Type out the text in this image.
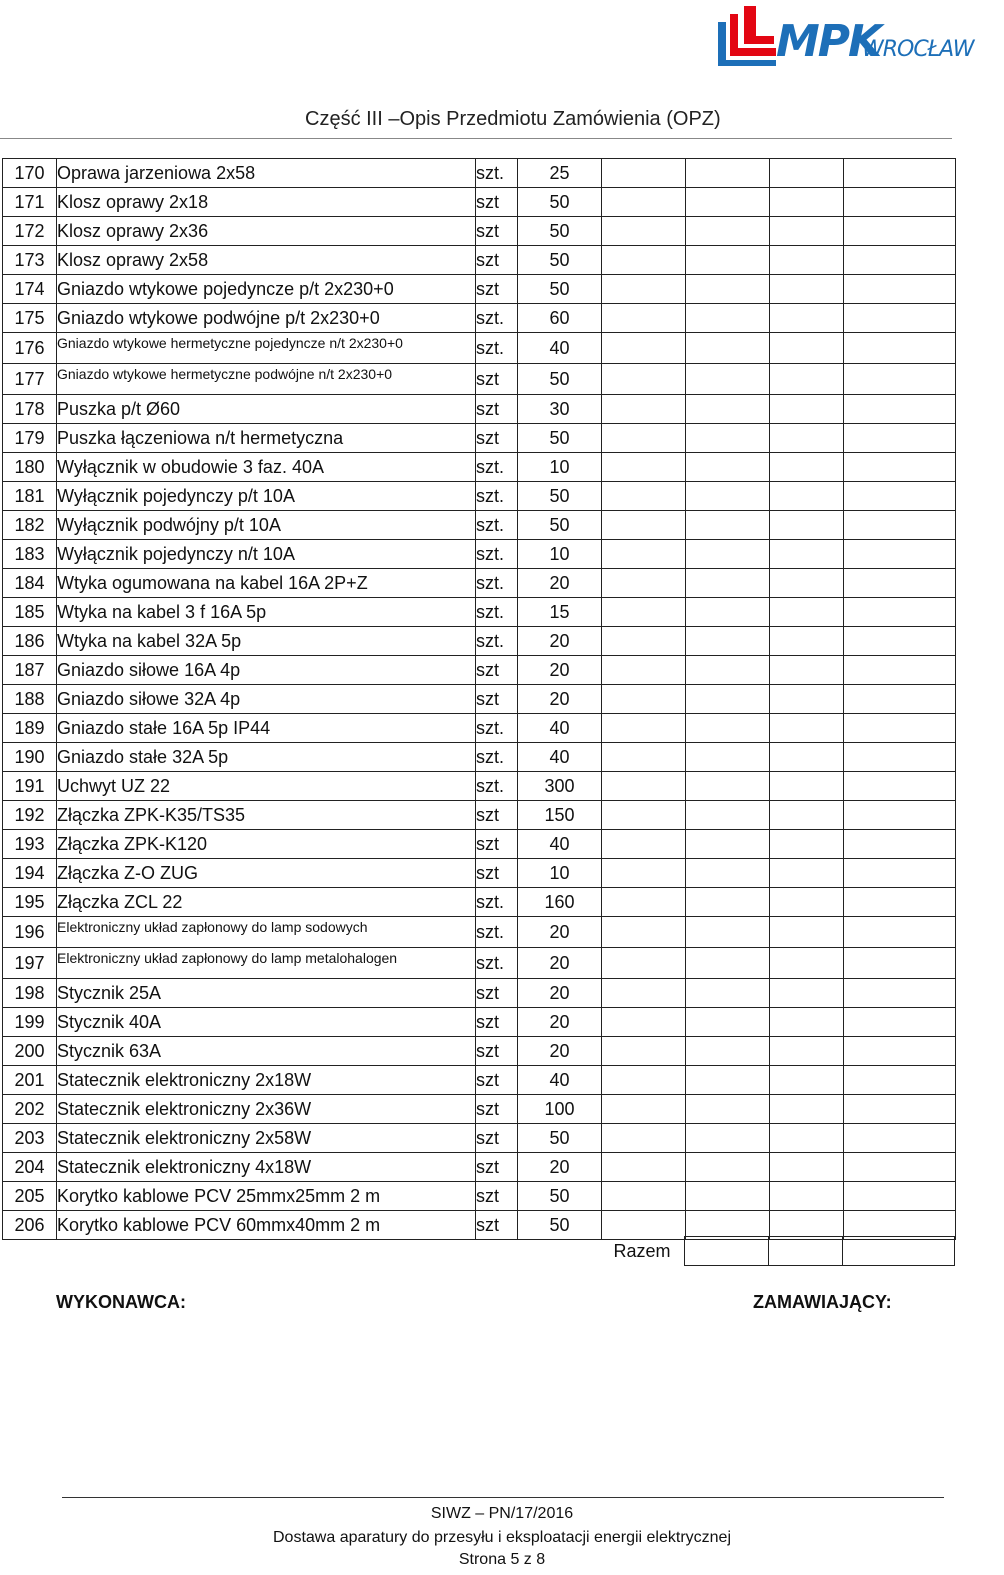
MPK
WROCŁAW
Część III –Opis Przedmiotu Zamówienia (OPZ)
170	Oprawa jarzeniowa 2x58	szt.	25				
171	Klosz oprawy 2x18	szt	50				
172	Klosz oprawy 2x36	szt	50				
173	Klosz oprawy 2x58	szt	50				
174	Gniazdo wtykowe pojedyncze p/t 2x230+0	szt	50				
175	Gniazdo wtykowe podwójne p/t 2x230+0	szt.	60				
176	Gniazdo wtykowe hermetyczne pojedyncze n/t 2x230+0	szt.	40				
177	Gniazdo wtykowe hermetyczne podwójne n/t 2x230+0	szt	50				
178	Puszka p/t Ø60	szt	30				
179	Puszka łączeniowa n/t hermetyczna	szt	50				
180	Wyłącznik w obudowie 3 faz. 40A	szt.	10				
181	Wyłącznik pojedynczy p/t 10A	szt.	50				
182	Wyłącznik podwójny p/t 10A	szt.	50				
183	Wyłącznik pojedynczy n/t 10A	szt.	10				
184	Wtyka ogumowana na kabel 16A 2P+Z	szt.	20				
185	Wtyka na kabel 3 f 16A 5p	szt.	15				
186	Wtyka na kabel 32A 5p	szt.	20				
187	Gniazdo siłowe 16A 4p	szt	20				
188	Gniazdo siłowe 32A 4p	szt	20				
189	Gniazdo stałe 16A 5p IP44	szt.	40				
190	Gniazdo stałe 32A 5p	szt.	40				
191	Uchwyt UZ 22	szt.	300				
192	Złączka ZPK-K35/TS35	szt	150				
193	Złączka ZPK-K120	szt	40				
194	Złączka Z-O ZUG	szt	10				
195	Złączka ZCL 22	szt.	160				
196	Elektroniczny układ zapłonowy do lamp sodowych	szt.	20				
197	Elektroniczny układ zapłonowy do lamp metalohalogen	szt.	20				
198	Stycznik 25A	szt	20				
199	Stycznik 40A	szt	20				
200	Stycznik 63A	szt	20				
201	Statecznik elektroniczny 2x18W	szt	40				
202	Statecznik elektroniczny 2x36W	szt	100				
203	Statecznik elektroniczny 2x58W	szt	50				
204	Statecznik elektroniczny 4x18W	szt	20				
205	Korytko kablowe PCV 25mmx25mm 2 m	szt	50				
206	Korytko kablowe PCV 60mmx40mm 2 m	szt	50				
Razem			
WYKONAWCA:	ZAMAWIAJĄCY:
SIWZ – PN/17/2016
Dostawa aparatury do przesyłu i eksploatacji energii elektrycznej
Strona 5 z 8
